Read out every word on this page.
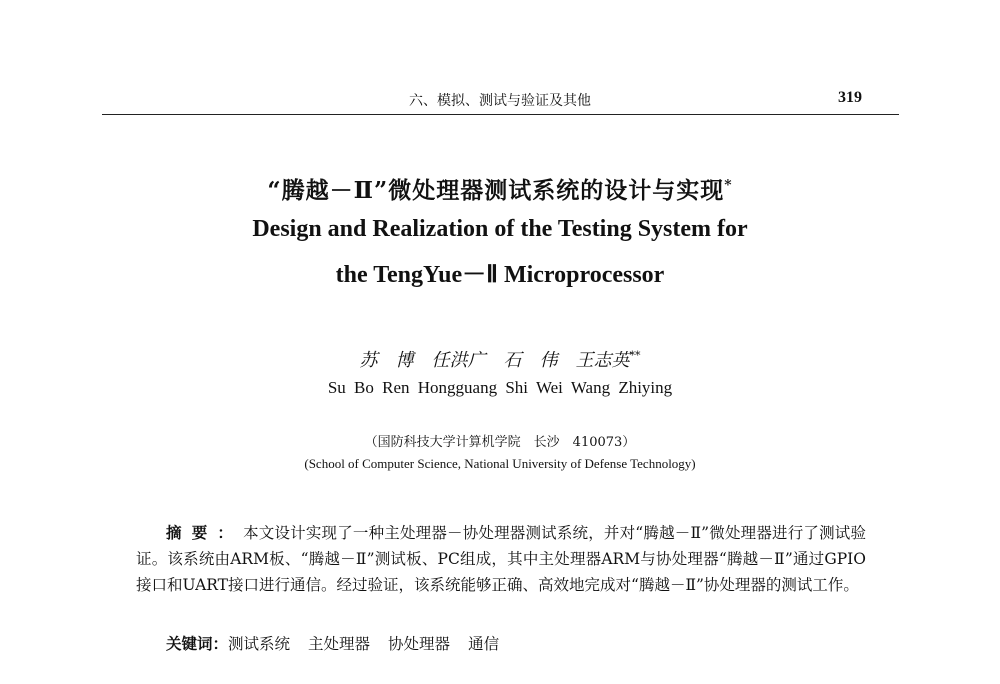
六、模拟、测试与验证及其他	319
“腾越－Ⅱ”微处理器测试系统的设计与实现*
Design and Realization of the Testing System for
the TengYue－Ⅱ Microprocessor
苏　博　任洪广　石　伟　王志英**
Su Bo Ren Hongguang Shi Wei Wang Zhiying
（国防科技大学计算机学院　长沙　410073）
(School of Computer Science, National University of Defense Technology)
摘要：本文设计实现了一种主处理器－协处理器测试系统，并对“腾越－Ⅱ”微处理器进行了测试验证。该系统由ARM板、“腾越－Ⅱ”测试板、PC组成，其中主处理器ARM与协处理器“腾越－Ⅱ”通过GPIO接口和UART接口进行通信。经过验证，该系统能够正确、高效地完成对“腾越－Ⅱ”协处理器的测试工作。
关键词：测试系统 主处理器 协处理器 通信
